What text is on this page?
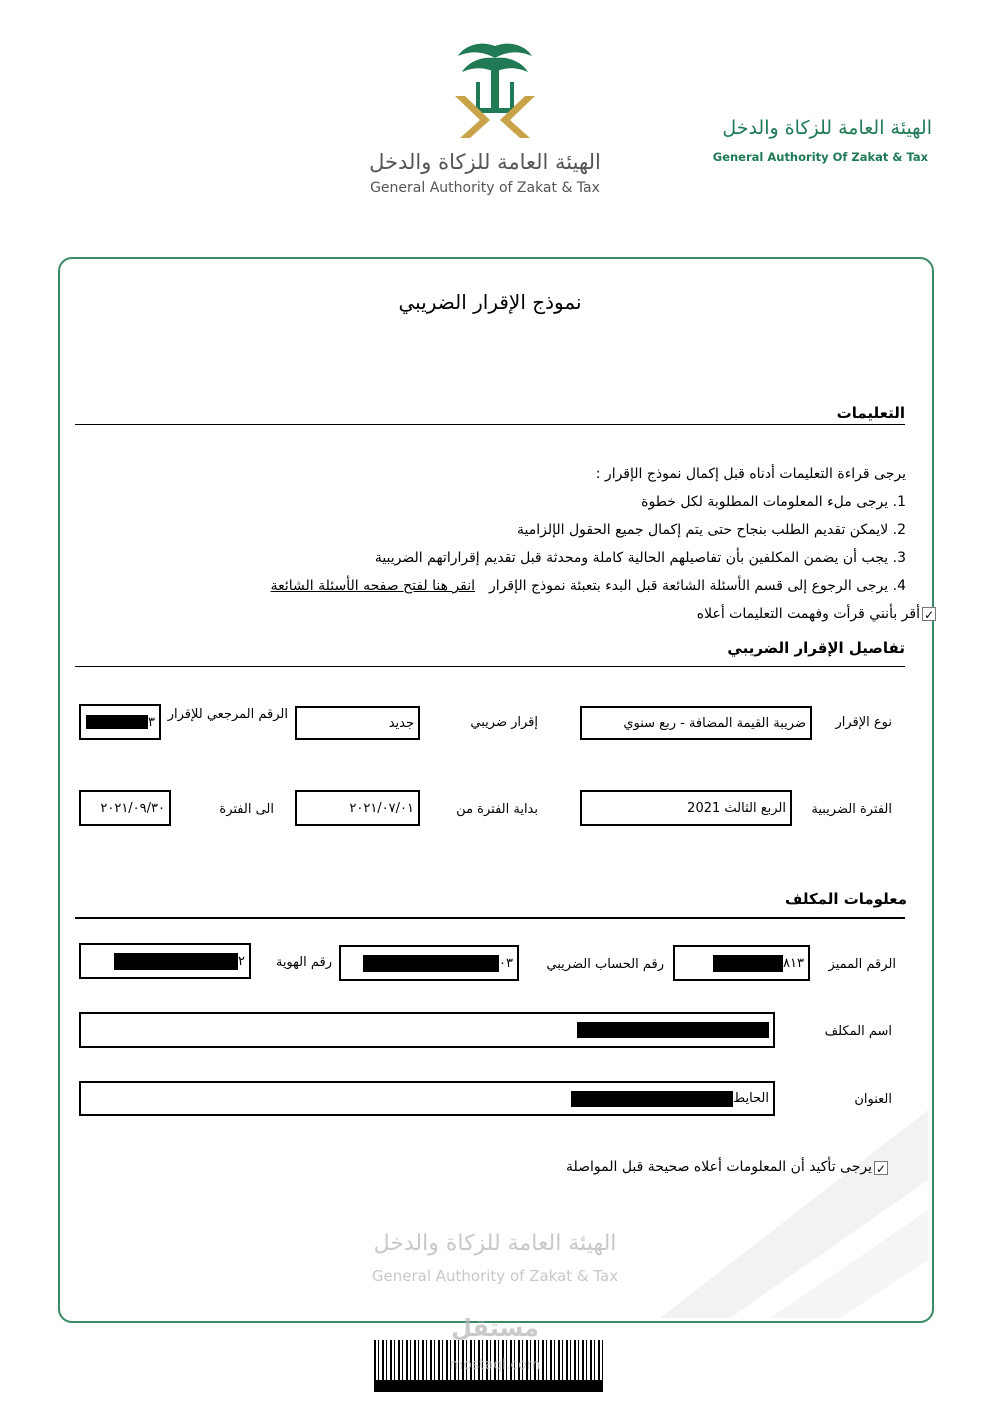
الهيئة العامة للزكاة والدخل
General Authority of Zakat & Tax
الهيئة العامة للزكاة والدخل
General Authority Of Zakat & Tax
نموذج الإقرار الضريبي
التعليمات
يرجى قراءة التعليمات أدناه قبل إكمال نموذج الإقرار :
1. يرجى ملء المعلومات المطلوبة لكل خطوة
2. لايمكن تقديم الطلب بنجاح حتى يتم إكمال جميع الحقول الإلزامية
3. يجب أن يضمن المكلفين بأن تفاصيلهم الحالية كاملة ومحدثة قبل تقديم إقراراتهم الضريبية
4. يرجى الرجوع إلى قسم الأسئلة الشائعة قبل البدء بتعبئة نموذج الإقرار
انقر هنا لفتح صفحه الأسئلة الشائعة
✓
أقر بأنني قرأت وفهمت التعليمات أعلاه
تفاصيل الإقرار الضريبي
نوع الإقرار
ضريبة القيمة المضافة - ربع سنوي
إقرار ضريبي
جديد
الرقم المرجعي للإقرار
٣
الفترة الضريبية
الربع الثالث 2021
بداية الفترة من
٢٠٢١/٠٧/٠١
الى الفترة
٢٠٢١/٠٩/٣٠
معلومات المكلف
الرقم المميز
٨١٣
رقم الحساب الضريبي
٠٣
رقم الهوية
٢
اسم المكلف
العنوان
الحايط
✓
يرجى تأكيد أن المعلومات أعلاه صحيحة قبل المواصلة
الهيئة العامة للزكاة والدخل
General Authority of Zakat & Tax
مستقل
mostaql.com
